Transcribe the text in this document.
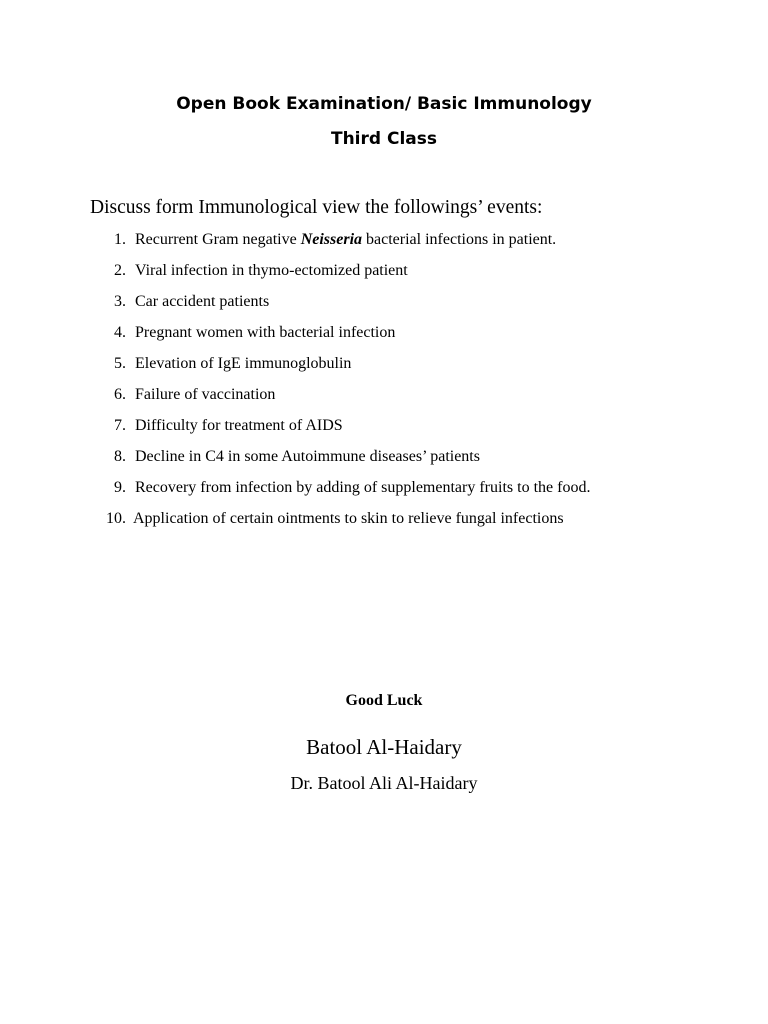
Open Book Examination/ Basic Immunology
Third Class
Discuss form Immunological view the followings’ events:
1. Recurrent Gram negative Neisseria bacterial infections in patient.
2. Viral infection in thymo-ectomized patient
3. Car accident patients
4. Pregnant women with bacterial infection
5. Elevation of IgE immunoglobulin
6. Failure of vaccination
7. Difficulty for treatment of AIDS
8. Decline in C4 in some Autoimmune diseases’ patients
9. Recovery from infection by adding of supplementary fruits to the food.
10. Application of certain ointments to skin to relieve fungal infections
Good Luck
Batool Al-Haidary
Dr. Batool Ali Al-Haidary
